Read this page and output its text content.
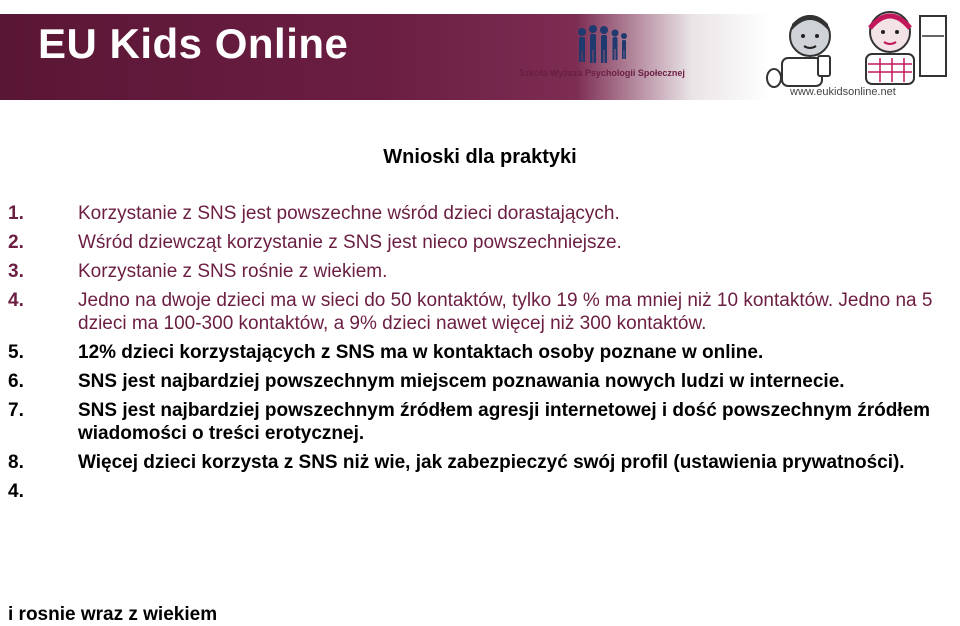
EU Kids Online
Szkoła Wyższa Psychologii Społecznej
www.eukidsonline.net
Wnioski dla praktyki
1.	Korzystanie z SNS jest powszechne wśród dzieci dorastających.
2.	Wśród dziewcząt korzystanie z SNS jest nieco powszechniejsze.
3.	Korzystanie z SNS rośnie z wiekiem.
4.	Jedno na dwoje dzieci ma w sieci do 50 kontaktów, tylko 19 % ma mniej niż 10 kontaktów. Jedno na 5 dzieci ma 100-300 kontaktów, a 9% dzieci nawet więcej niż 300 kontaktów.
5.	12% dzieci korzystających z SNS ma w kontaktach osoby poznane w online.
6.	SNS jest najbardziej powszechnym miejscem poznawania nowych ludzi w internecie.
7.	SNS jest najbardziej powszechnym źródłem agresji internetowej i dość powszechnym źródłem wiadomości o treści erotycznej.
8.	Więcej dzieci korzysta z SNS niż wie, jak zabezpieczyć swój profil (ustawienia prywatności).
4.
i rosnie wraz z wiekiem
